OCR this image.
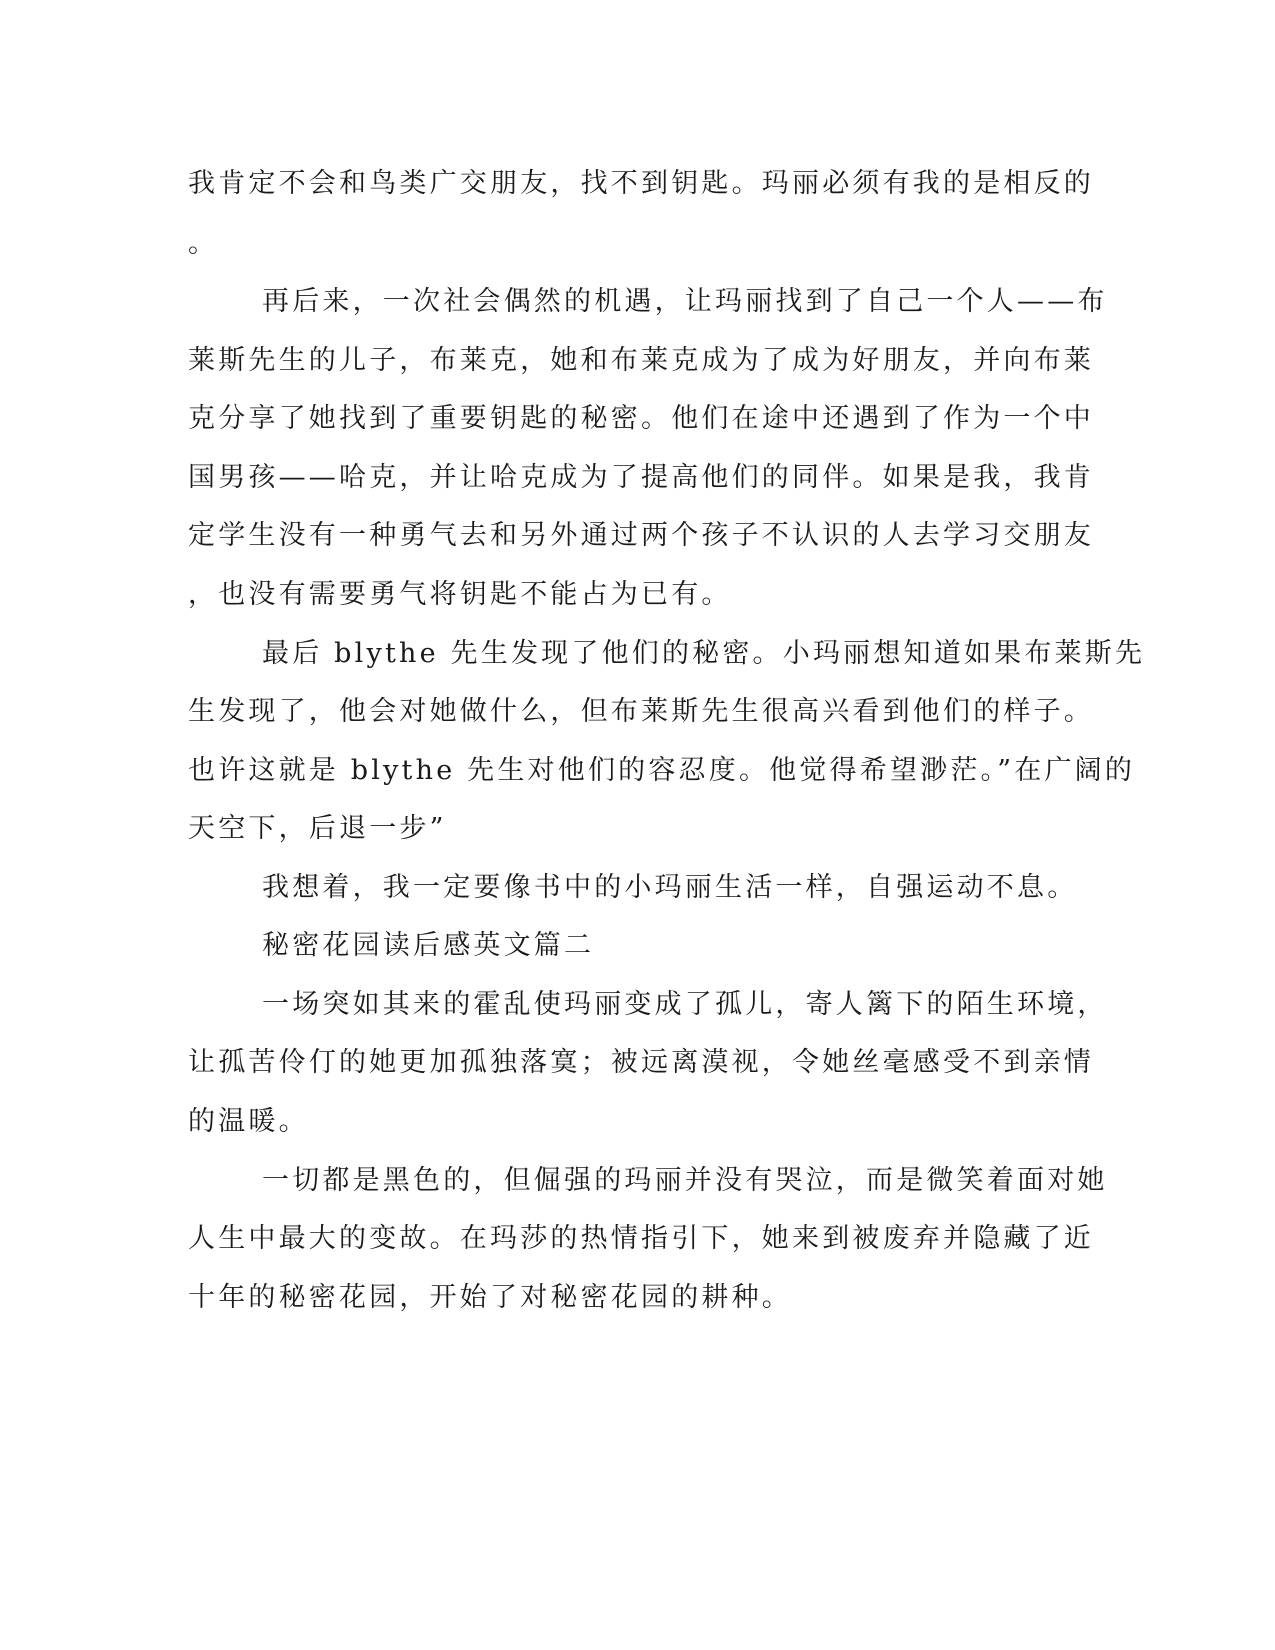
我肯定不会和鸟类广交朋友，找不到钥匙。玛丽必须有我的是相反的
。
再后来，一次社会偶然的机遇，让玛丽找到了自己一个人——布
莱斯先生的儿子，布莱克，她和布莱克成为了成为好朋友，并向布莱
克分享了她找到了重要钥匙的秘密。他们在途中还遇到了作为一个中
国男孩——哈克，并让哈克成为了提高他们的同伴。如果是我，我肯
定学生没有一种勇气去和另外通过两个孩子不认识的人去学习交朋友
，也没有需要勇气将钥匙不能占为已有。
最后 blythe 先生发现了他们的秘密。小玛丽想知道如果布莱斯先
生发现了，他会对她做什么，但布莱斯先生很高兴看到他们的样子。
也许这就是 blythe 先生对他们的容忍度。他觉得希望渺茫。”在广阔的
天空下，后退一步”
我想着，我一定要像书中的小玛丽生活一样，自强运动不息。
秘密花园读后感英文篇二
一场突如其来的霍乱使玛丽变成了孤儿，寄人篱下的陌生环境，
让孤苦伶仃的她更加孤独落寞；被远离漠视，令她丝毫感受不到亲情
的温暖。
一切都是黑色的，但倔强的玛丽并没有哭泣，而是微笑着面对她
人生中最大的变故。在玛莎的热情指引下，她来到被废弃并隐藏了近
十年的秘密花园，开始了对秘密花园的耕种。
